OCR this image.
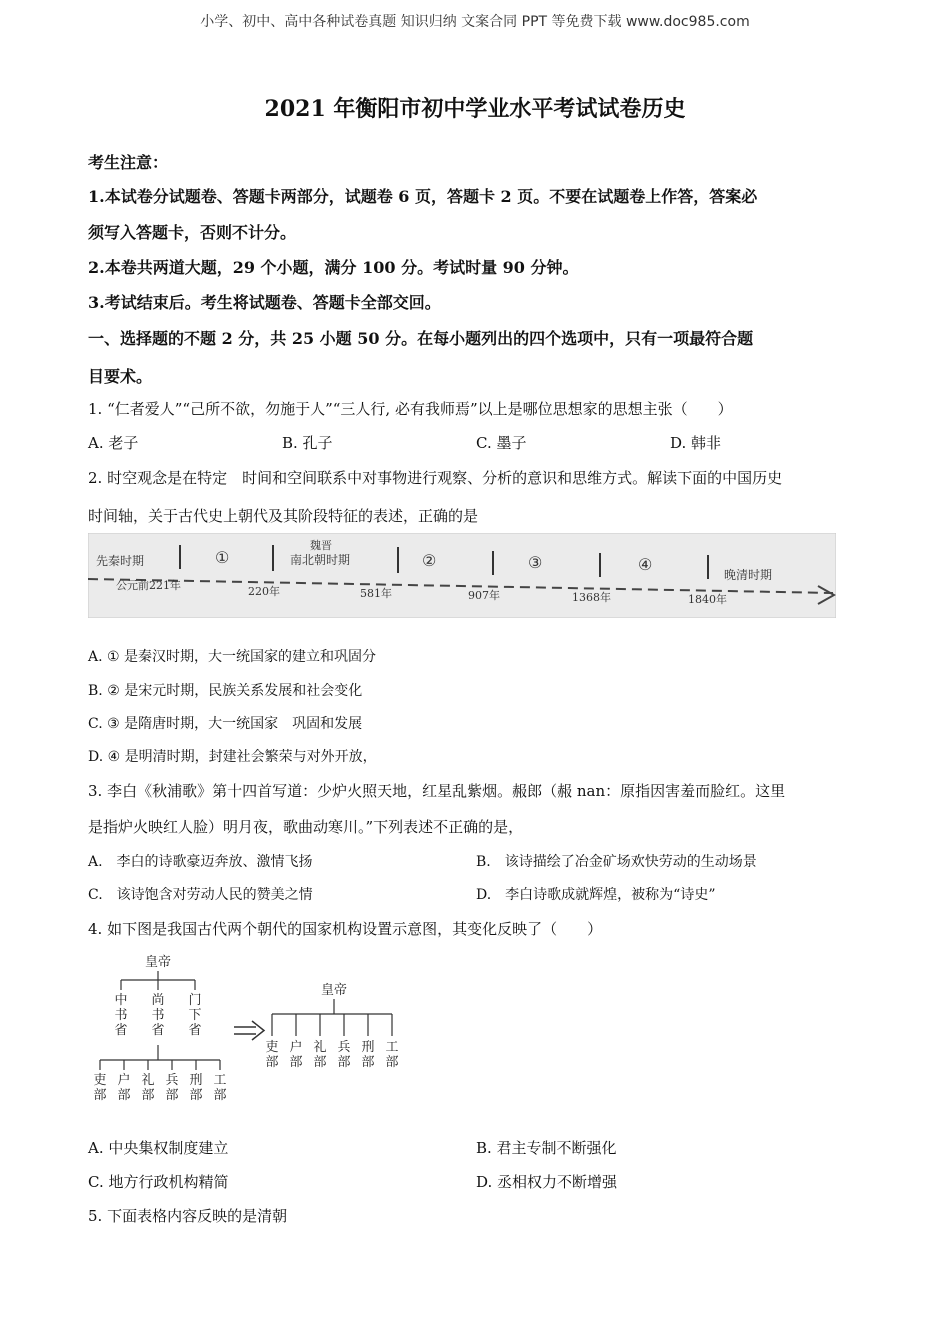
小学、初中、高中各种试卷真题 知识归纳 文案合同 PPT 等免费下载 www.doc985.com
2021 年衡阳市初中学业水平考试试卷历史
考生注意：
1.本试卷分试题卷、答题卡两部分，试题卷 6 页，答题卡 2 页。不要在试题卷上作答，答案必
须写入答题卡，否则不计分。
2.本卷共两道大题，29 个小题，满分 100 分。考试时量 90 分钟。
3.考试结束后。考生将试题卷、答题卡全部交回。
一、选择题的不题 2 分，共 25 小题 50 分。在每小题列出的四个选项中，只有一项最符合题
目要术。
1. “仁者爱人”“己所不欲，勿施于人”“三人行, 必有我师焉”以上是哪位思想家的思想主张（　　）
A. 老子	B. 孔子	C. 墨子	D. 韩非
2. 时空观念是在特定　时间和空间联系中对事物进行观察、分析的意识和思维方式。解读下面的中国历史
时间轴，关于古代史上朝代及其阶段特征的表述，正确的是
先秦时期	①
魏晋
南北朝时期	②	③	④
晚清时期
公元前221年	220年	581年	907年	1368年	1840年
A. ① 是秦汉时期，大一统国家的建立和巩固分
B. ② 是宋元时期，民族关系发展和社会变化
C. ③ 是隋唐时期，大一统国家　巩固和发展
D. ④ 是明清时期，封建社会繁荣与对外开放，
3. 李白《秋浦歌》第十四首写道：少炉火照天地，红星乱紫烟。赧郎（赧 nan：原指因害羞而脸红。这里
是指炉火映红人脸）明月夜，歌曲动寒川。”下列表述不正确的是，
A.　李白的诗歌豪迈奔放、激情飞扬	B.　该诗描绘了冶金矿场欢快劳动的生动场景
C.　该诗饱含对劳动人民的赞美之情	D.　李白诗歌成就辉煌，被称为“诗史”
4. 如下图是我国古代两个朝代的国家机构设置示意图，其变化反映了（　　）
皇帝
中书省
尚书省
门下省
吏部
户部
礼部
兵部
刑部
工部
皇帝
吏部
户部
礼部
兵部
刑部
工部
A. 中央集权制度建立	B. 君主专制不断强化
C. 地方行政机构精简	D. 丞相权力不断增强
5. 下面表格内容反映的是清朝
